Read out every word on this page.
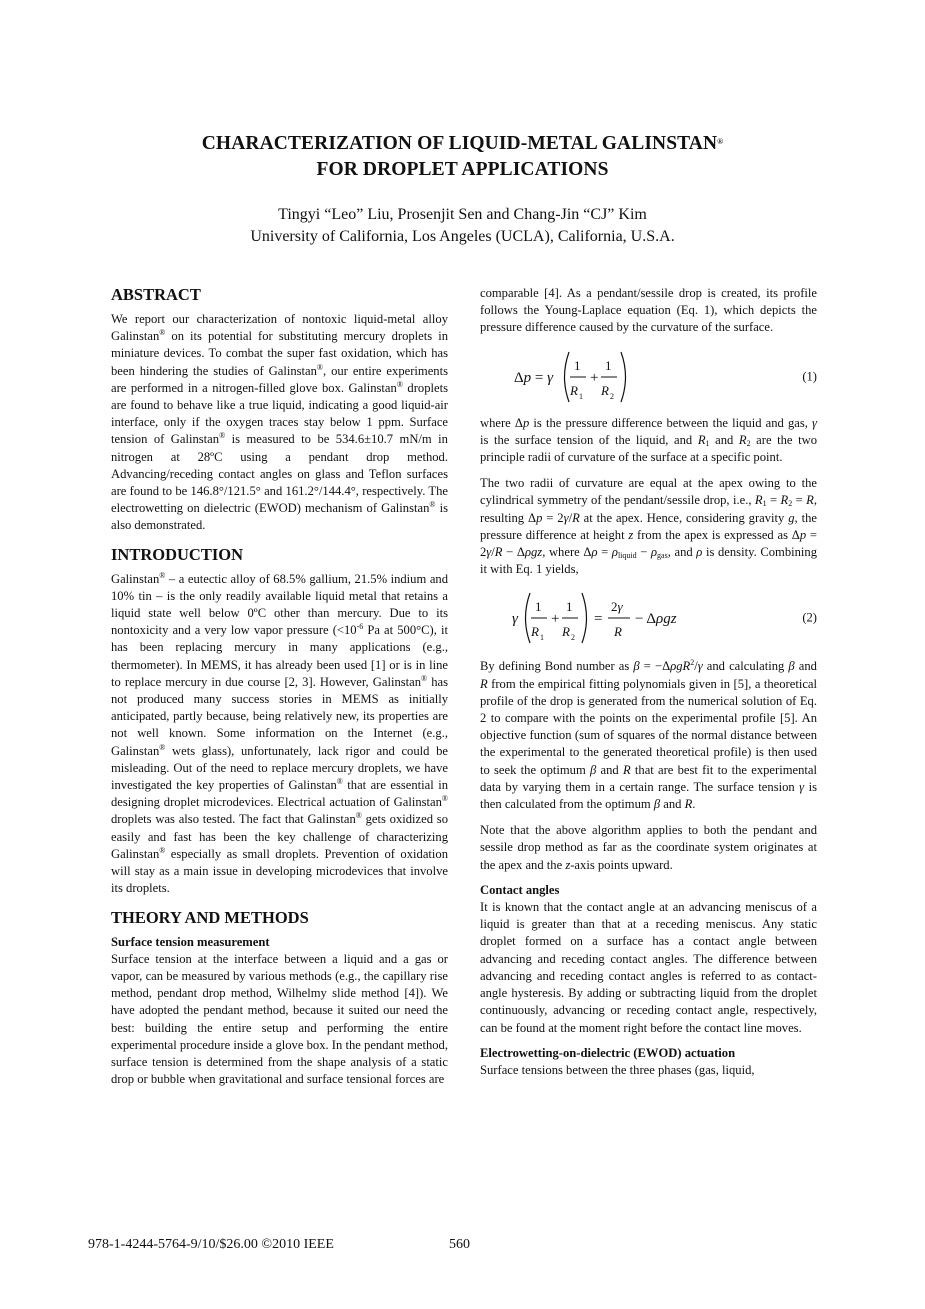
CHARACTERIZATION OF LIQUID-METAL GALINSTAN®
FOR DROPLET APPLICATIONS
Tingyi “Leo” Liu, Prosenjit Sen and Chang-Jin “CJ” Kim
University of California, Los Angeles (UCLA), California, U.S.A.
ABSTRACT

We report our characterization of nontoxic liquid-metal alloy Galinstan® on its potential for substituting mercury droplets in miniature devices. To combat the super fast oxidation, which has been hindering the studies of Galinstan®, our entire experiments are performed in a nitrogen-filled glove box. Galinstan® droplets are found to behave like a true liquid, indicating a good liquid-air interface, only if the oxygen traces stay below 1 ppm. Surface tension of Galinstan® is measured to be 534.6±10.7 mN/m in nitrogen at 28ºC using a pendant drop method. Advancing/receding contact angles on glass and Teflon surfaces are found to be 146.8°/121.5° and 161.2°/144.4°, respectively. The electrowetting on dielectric (EWOD) mechanism of Galinstan® is also demonstrated.

INTRODUCTION

Galinstan® – a eutectic alloy of 68.5% gallium, 21.5% indium and 10% tin – is the only readily available liquid metal that retains a liquid state well below 0ºC other than mercury. Due to its nontoxicity and a very low vapor pressure ($<10^{-6}$ Pa at 500°C), it has been replacing mercury in many applications (e.g., thermometer). In MEMS, it has already been used [1] or is in line to replace mercury in due course [2, 3]. However, Galinstan® has not produced many success stories in MEMS as initially anticipated, partly because, being relatively new, its properties are not well known. Some information on the Internet (e.g., Galinstan® wets glass), unfortunately, lack rigor and could be misleading. Out of the need to replace mercury droplets, we have investigated the key properties of Galinstan® that are essential in designing droplet microdevices. Electrical actuation of Galinstan® droplets was also tested. The fact that Galinstan® gets oxidized so easily and fast has been the key challenge of characterizing Galinstan® especially as small droplets. Prevention of oxidation will stay as a main issue in developing microdevices that involve its droplets.

THEORY AND METHODS
Surface tension measurement

Surface tension at the interface between a liquid and a gas or vapor, can be measured by various methods (e.g., the capillary rise method, pendant drop method, Wilhelmy slide method [4]). We have adopted the pendant method, because it suited our need the best: building the entire setup and performing the entire experimental procedure inside a glove box. In the pendant method, surface tension is determined from the shape analysis of a static drop or bubble when gravitational and surface tensional forces are

comparable [4]. As a pendant/sessile drop is created, its profile follows the Young-Laplace equation (Eq. 1), which depicts the pressure difference caused by the curvature of the surface.

Δp = γ
1
R 1
+
1
R 2
(1)

where Δp is the pressure difference between the liquid and gas, γ is the surface tension of the liquid, and $R_1$ and $R_2$ are the two principle radii of curvature of the surface at a specific point.

The two radii of curvature are equal at the apex owing to the cylindrical symmetry of the pendant/sessile drop, i.e., $R_1 = R_2 = R$, resulting Δp = 2γ/R at the apex. Hence, considering gravity g, the pressure difference at height z from the apex is expressed as Δp = 2γ/R − Δρgz, where $\Delta\rho = \rho_{liquid} - \rho_{gas}$, and ρ is density. Combining it with Eq. 1 yields,

γ
1
R 1
+
1
R 2
=
2γ
R
− Δρgz	(2)

By defining Bond number as β = −ΔρgR$^2$/γ and calculating β and R from the empirical fitting polynomials given in [5], a theoretical profile of the drop is generated from the numerical solution of Eq. 2 to compare with the points on the experimental profile [5]. An objective function (sum of squares of the normal distance between the experimental to the generated theoretical profile) is then used to seek the optimum β and R that are best fit to the experimental data by varying them in a certain range. The surface tension γ is then calculated from the optimum β and R.

Note that the above algorithm applies to both the pendant and sessile drop method as far as the coordinate system originates at the apex and the z-axis points upward.

Contact angles

It is known that the contact angle at an advancing meniscus of a liquid is greater than that at a receding meniscus. Any static droplet formed on a surface has a contact angle between advancing and receding contact angles. The difference between advancing and receding contact angles is referred to as contact-angle hysteresis. By adding or subtracting liquid from the droplet continuously, advancing or receding contact angle, respectively, can be found at the moment right before the contact line moves.

Electrowetting-on-dielectric (EWOD) actuation

Surface tensions between the three phases (gas, liquid,

978-1-4244-5764-9/10/$26.00 ©2010 IEEE	560
